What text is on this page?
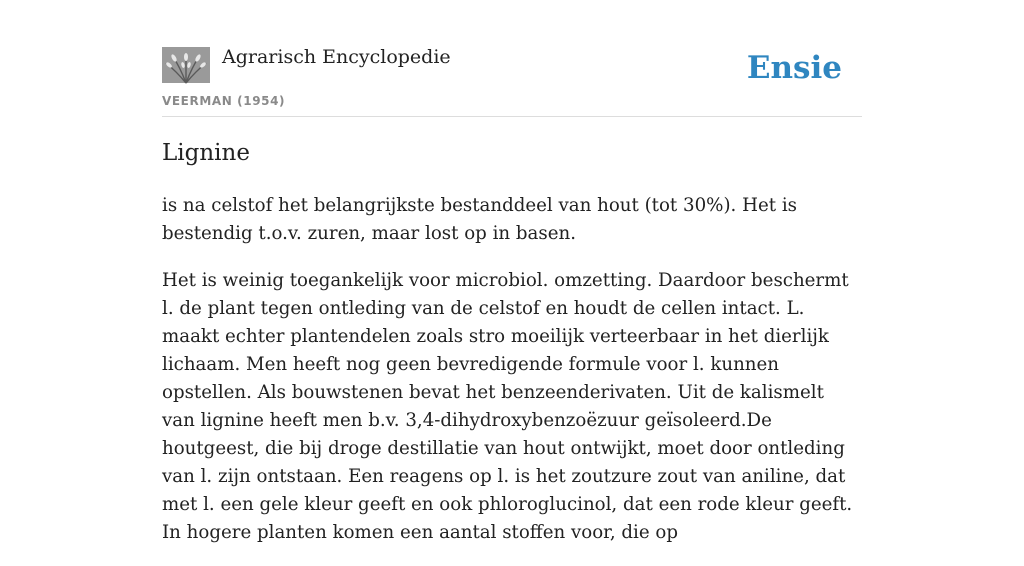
Agrarisch Encyclopedie
VEERMAN (1954)
Ensie
Lignine

is na celstof het belangrijkste bestanddeel van hout (tot 30%). Het is bestendig t.o.v. zuren, maar lost op in basen.

Het is weinig toegankelijk voor microbiol. omzetting. Daardoor beschermt l. de plant tegen ontleding van de celstof en houdt de cellen intact. L. maakt echter plantendelen zoals stro moeilijk verteerbaar in het dierlijk lichaam. Men heeft nog geen bevredigende formule voor l. kunnen opstellen. Als bouwstenen bevat het benzeenderivaten. Uit de kalismelt van lignine heeft men b.v. 3,4-dihydroxybenzoëzuur geïsoleerd.De houtgeest, die bij droge destillatie van hout ontwijkt, moet door ontleding van l. zijn ontstaan. Een reagens op l. is het zoutzure zout van aniline, dat met l. een gele kleur geeft en ook phloroglucinol, dat een rode kleur geeft. In hogere planten komen een aantal stoffen voor, die op
